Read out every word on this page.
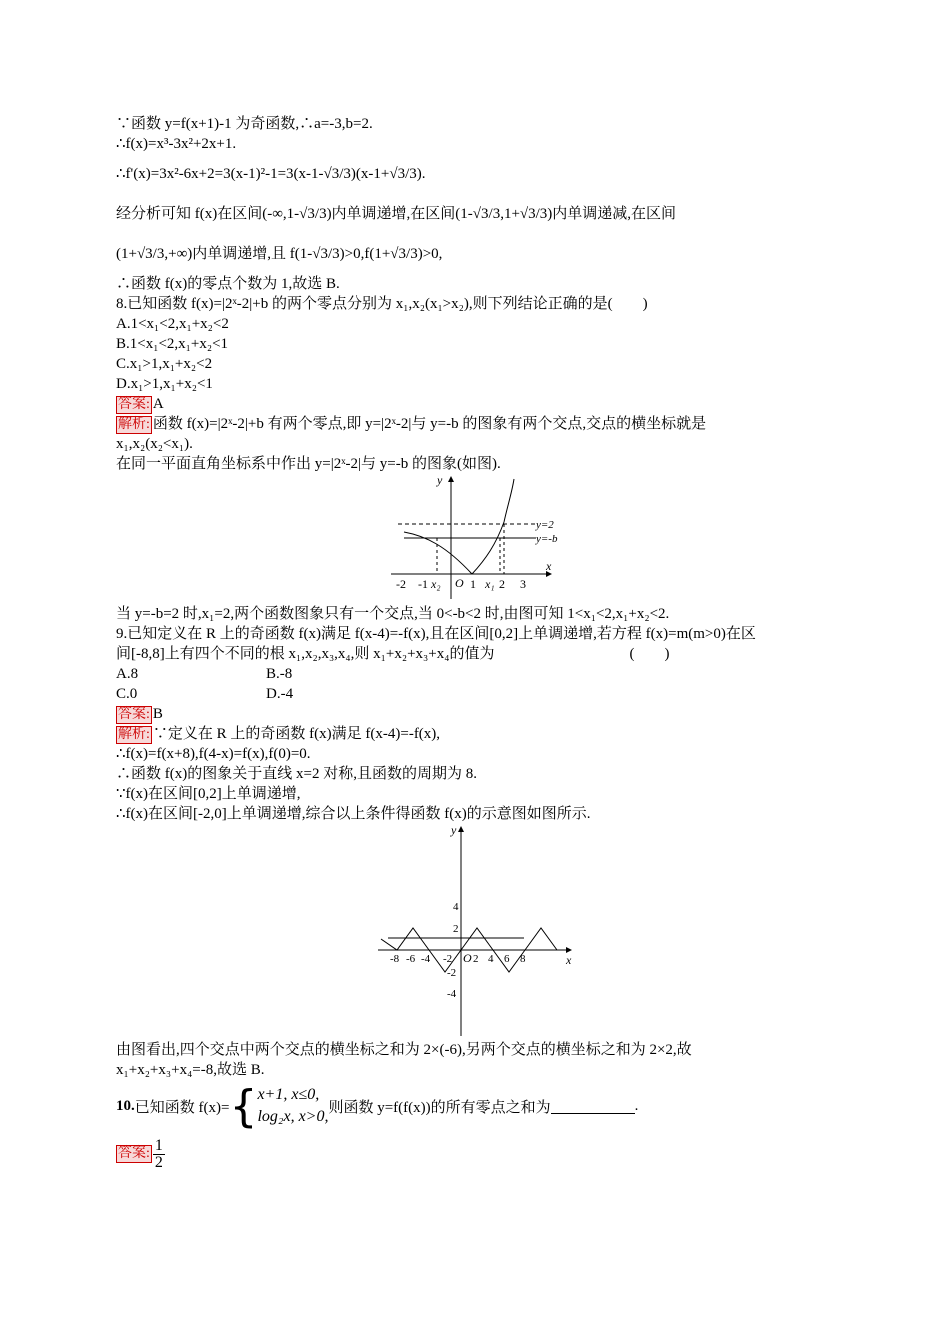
∵函数 y=f(x+1)-1 为奇函数,∴a=-3,b=2.
∴f(x)=x³-3x²+2x+1.
∴f'(x)=3x²-6x+2=3(x-1)²-1=3(x-1-√3/3)(x-1+√3/3).
经分析可知 f(x)在区间(-∞,1-√3/3)内单调递增,在区间(1-√3/3,1+√3/3)内单调递减,在区间
(1+√3/3,+∞)内单调递增,且 f(1-√3/3)>0,f(1+√3/3)>0,
∴函数 f(x)的零点个数为 1,故选 B.
8.已知函数 f(x)=|2ˣ-2|+b 的两个零点分别为 x₁,x₂(x₁>x₂),则下列结论正确的是(　　)
A.1<x₁<2,x₁+x₂<2
B.1<x₁<2,x₁+x₂<1
C.x₁>1,x₁+x₂<2
D.x₁>1,x₁+x₂<1
答案: A
解析: 函数 f(x)=|2ˣ-2|+b 有两个零点,即 y=|2ˣ-2|与 y=-b 的图象有两个交点,交点的横坐标就是
x₁,x₂(x₂<x₁).
在同一平面直角坐标系中作出 y=|2ˣ-2|与 y=-b 的图象(如图).
y
x
O
y=2
y=-b
-2 -1 x₂ 1 x₁ 2 3
当 y=-b=2 时,x₁=2,两个函数图象只有一个交点,当 0<-b<2 时,由图可知 1<x₁<2,x₁+x₂<2.
9.已知定义在 R 上的奇函数 f(x)满足 f(x-4)=-f(x),且在区间[0,2]上单调递增,若方程 f(x)=m(m>0)在区
间[-8,8]上有四个不同的根 x₁,x₂,x₃,x₄,则 x₁+x₂+x₃+x₄的值为　　　　　　　　　(　　)
A.8	B.-8
C.0	D.-4
答案: B
解析: ∵定义在 R 上的奇函数 f(x)满足 f(x-4)=-f(x),
∴f(x)=f(x+8),f(4-x)=f(x),f(0)=0.
∴函数 f(x)的图象关于直线 x=2 对称,且函数的周期为 8.
∵f(x)在区间[0,2]上单调递增,
∴f(x)在区间[-2,0]上单调递增,综合以上条件得函数 f(x)的示意图如图所示.
y
x
O
-8 -6 -4 -2 2 4 6 8
4
2
-2
-4
由图看出,四个交点中两个交点的横坐标之和为 2×(-6),另两个交点的横坐标之和为 2×2,故
x₁+x₂+x₃+x₄=-8,故选 B.
10. 已知函数 f(x)= { x+1, x≤0,
log₂x, x>0,
则函数 y=f(f(x))的所有零点之和为	.
答案: $\frac{1}{2}$
